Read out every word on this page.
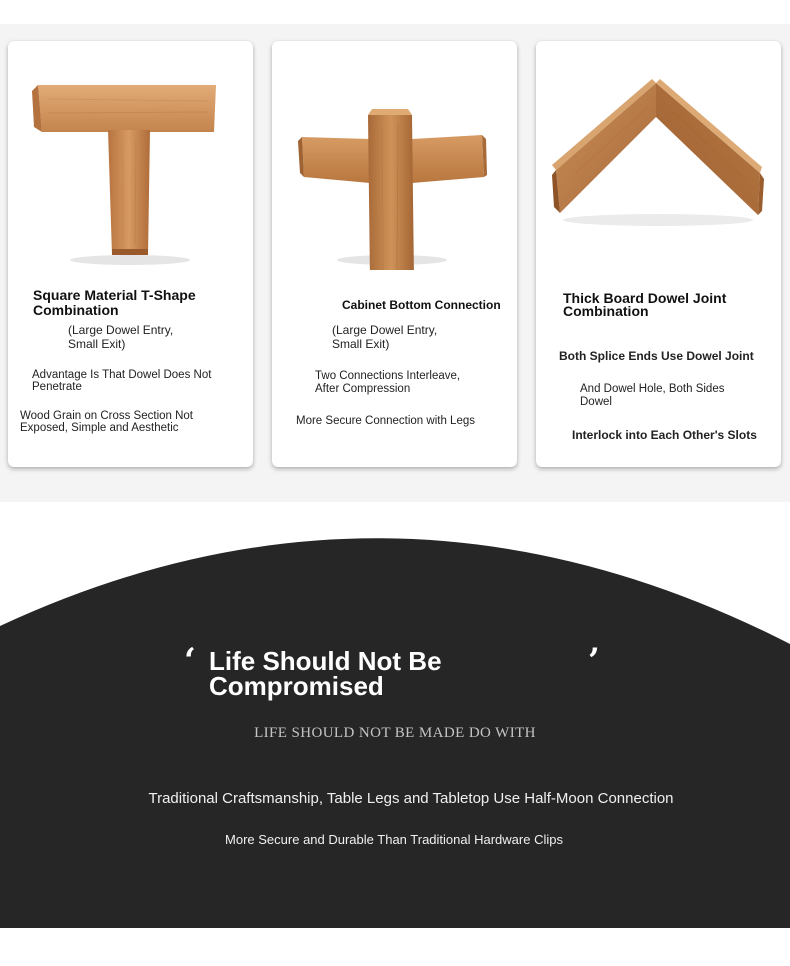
Square Material T-Shape Combination
(Large Dowel Entry,
Small Exit)
Advantage Is That Dowel Does Not
Penetrate
Wood Grain on Cross Section Not
Exposed, Simple and Aesthetic
Cabinet Bottom Connection
(Large Dowel Entry,
Small Exit)
Two Connections Interleave,
After Compression
More Secure Connection with Legs
Thick Board Dowel Joint
Combination
Both Splice Ends Use Dowel Joint
And Dowel Hole, Both Sides
Dowel
Interlock into Each Other's Slots
‘ Life Should Not Be
Compromised
’
LIFE SHOULD NOT BE MADE DO WITH
Traditional Craftsmanship, Table Legs and Tabletop Use Half-Moon Connection
More Secure and Durable Than Traditional Hardware Clips
